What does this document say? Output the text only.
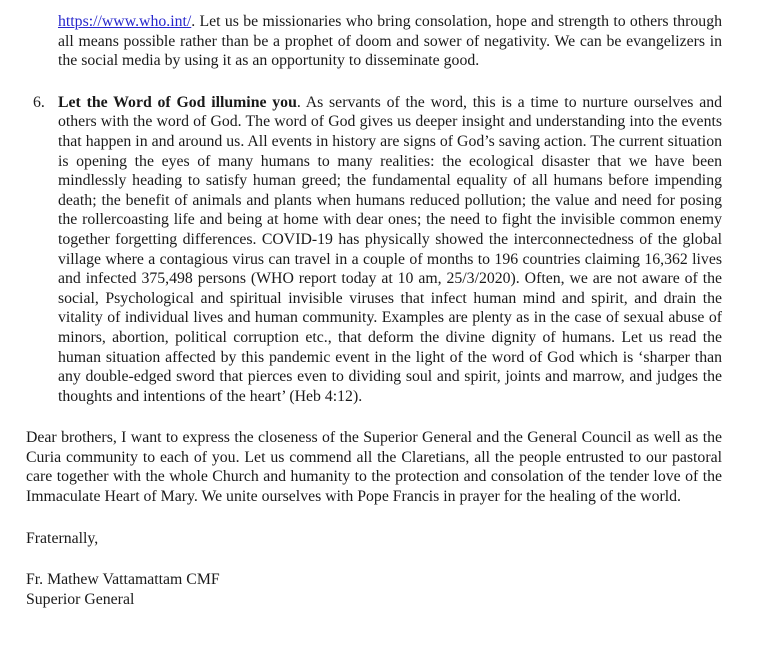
https://www.who.int/. Let us be missionaries who bring consolation, hope and strength to others through all means possible rather than be a prophet of doom and sower of negativity. We can be evangelizers in the social media by using it as an opportunity to disseminate good.

6. Let the Word of God illumine you. As servants of the word, this is a time to nurture ourselves and others with the word of God. The word of God gives us deeper insight and understanding into the events that happen in and around us. All events in history are signs of God’s saving action. The current situation is opening the eyes of many humans to many realities: the ecological disaster that we have been mindlessly heading to satisfy human greed; the fundamental equality of all humans before impending death; the benefit of animals and plants when humans reduced pollution; the value and need for posing the rollercoasting life and being at home with dear ones; the need to fight the invisible common enemy together forgetting differences. COVID-19 has physically showed the interconnectedness of the global village where a contagious virus can travel in a couple of months to 196 countries claiming 16,362 lives and infected 375,498 persons (WHO report today at 10 am, 25/3/2020). Often, we are not aware of the social, Psychological and spiritual invisible viruses that infect human mind and spirit, and drain the vitality of individual lives and human community. Examples are plenty as in the case of sexual abuse of minors, abortion, political corruption etc., that deform the divine dignity of humans. Let us read the human situation affected by this pandemic event in the light of the word of God which is ‘sharper than any double-edged sword that pierces even to dividing soul and spirit, joints and marrow, and judges the thoughts and intentions of the heart’ (Heb 4:12).

Dear brothers, I want to express the closeness of the Superior General and the General Council as well as the Curia community to each of you. Let us commend all the Claretians, all the people entrusted to our pastoral care together with the whole Church and humanity to the protection and consolation of the tender love of the Immaculate Heart of Mary. We unite ourselves with Pope Francis in prayer for the healing of the world.

Fraternally,

Fr. Mathew Vattamattam CMF

Superior General
